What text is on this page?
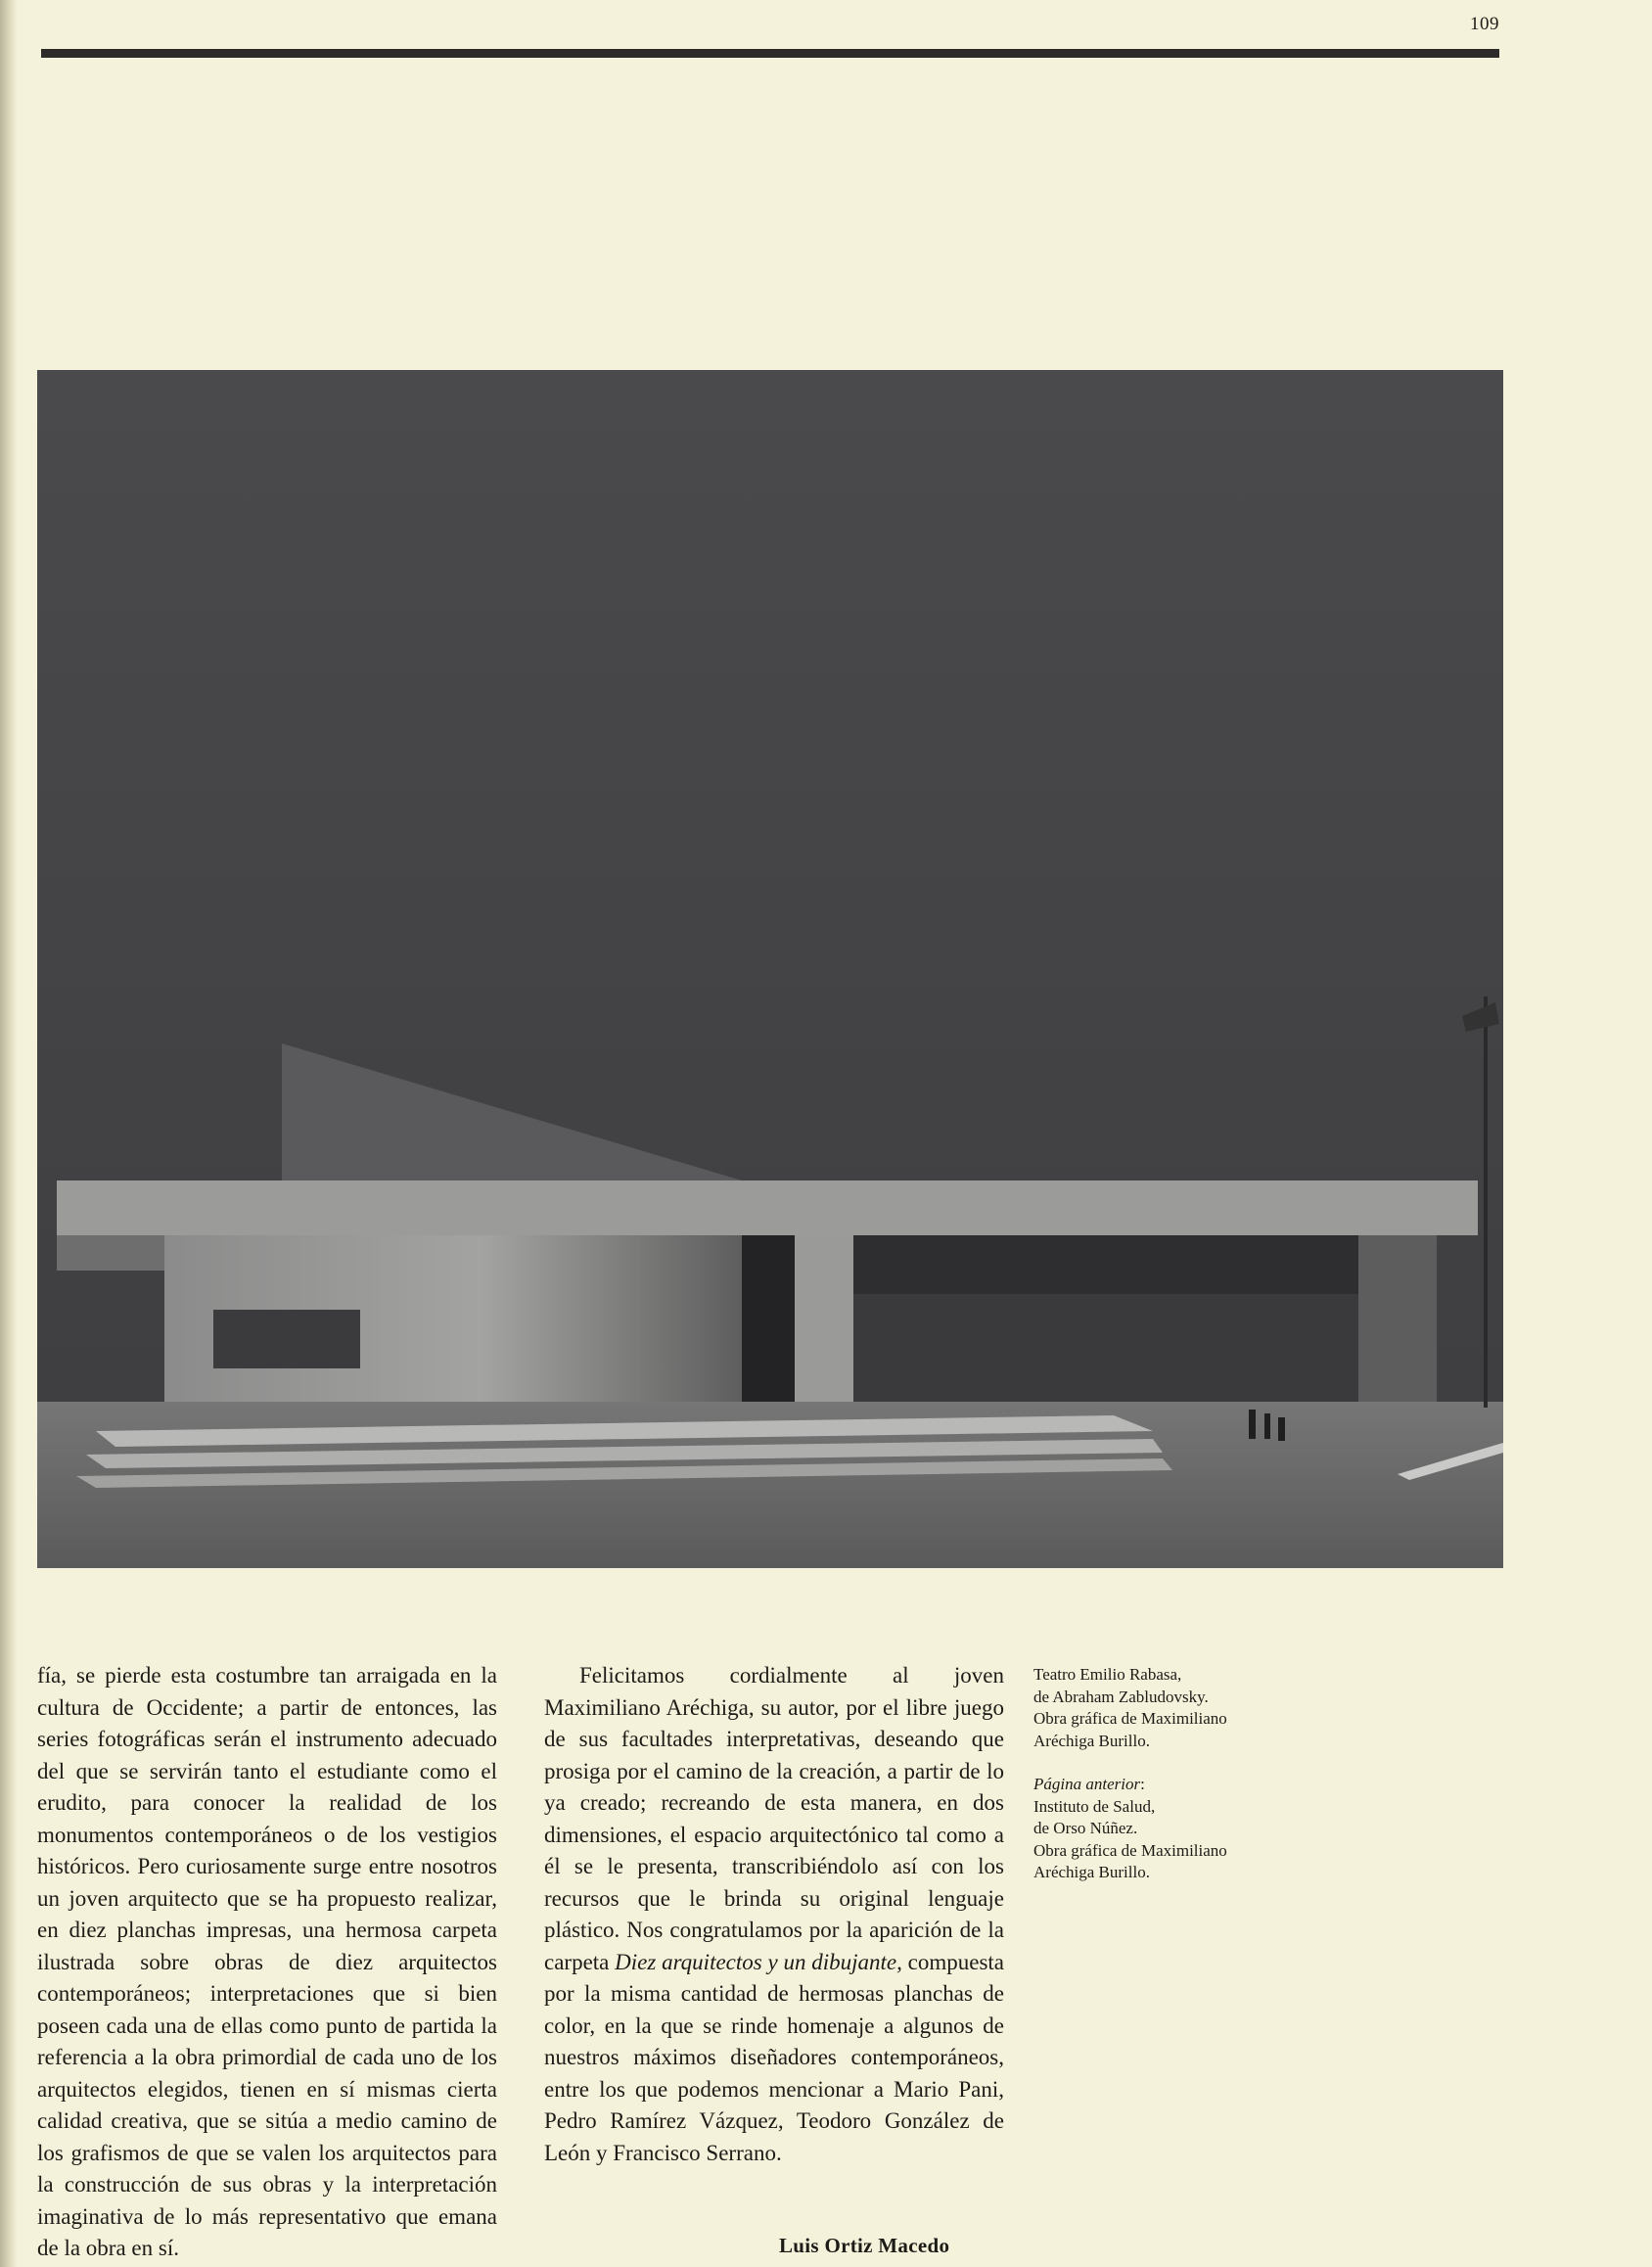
109
fía, se pierde esta costumbre tan arraigada en la cultura de Occidente; a partir de entonces, las series fotográficas serán el instrumento adecuado del que se servirán tanto el estudiante como el erudito, para conocer la realidad de los monumentos contemporáneos o de los vestigios históricos. Pero curiosamente surge entre nosotros un joven arquitecto que se ha propuesto realizar, en diez planchas impresas, una hermosa carpeta ilustrada sobre obras de diez arquitectos contemporáneos; interpretaciones que si bien poseen cada una de ellas como punto de partida la referencia a la obra primordial de cada uno de los arquitectos elegidos, tienen en sí mismas cierta calidad creativa, que se sitúa a medio camino de los grafismos de que se valen los arquitectos para la construcción de sus obras y la interpretación imaginativa de lo más representativo que emana de la obra en sí.
Felicitamos cordialmente al joven Maximiliano Aréchiga, su autor, por el libre juego de sus facultades interpretativas, deseando que prosiga por el camino de la creación, a partir de lo ya creado; recreando de esta manera, en dos dimensiones, el espacio arquitectónico tal como a él se le presenta, transcribiéndolo así con los recursos que le brinda su original lenguaje plástico. Nos congratulamos por la aparición de la carpeta Diez arquitectos y un dibujante, compuesta por la misma cantidad de hermosas planchas de color, en la que se rinde homenaje a algunos de nuestros máximos diseñadores contemporáneos, entre los que podemos mencionar a Mario Pani, Pedro Ramírez Vázquez, Teodoro González de León y Francisco Serrano.

Teatro Emilio Rabasa,

de Abraham Zabludovsky.

Obra gráfica de Maximiliano

Aréchiga Burillo.

Página anterior:

Instituto de Salud,

de Orso Núñez.

Obra gráfica de Maximiliano

Aréchiga Burillo.

Luis Ortiz Macedo
